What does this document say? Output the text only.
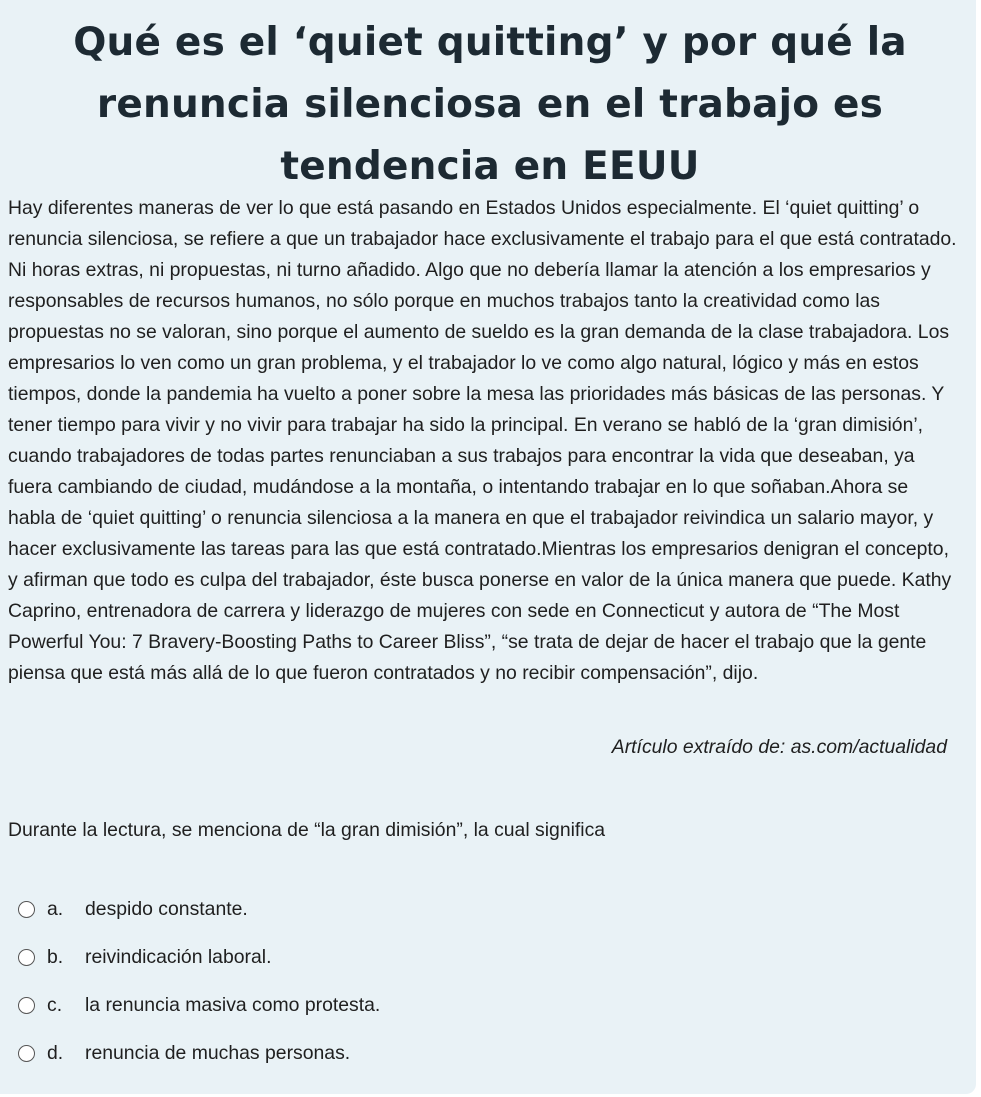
Qué es el ‘quiet quitting’ y por qué la renuncia silenciosa en el trabajo es tendencia en EEUU

Hay diferentes maneras de ver lo que está pasando en Estados Unidos especialmente. El ‘quiet quitting’ o renuncia silenciosa, se refiere a que un trabajador hace exclusivamente el trabajo para el que está contratado. Ni horas extras, ni propuestas, ni turno añadido. Algo que no debería llamar la atención a los empresarios y responsables de recursos humanos, no sólo porque en muchos trabajos tanto la creatividad como las propuestas no se valoran, sino porque el aumento de sueldo es la gran demanda de la clase trabajadora. Los empresarios lo ven como un gran problema, y el trabajador lo ve como algo natural, lógico y más en estos tiempos, donde la pandemia ha vuelto a poner sobre la mesa las prioridades más básicas de las personas. Y tener tiempo para vivir y no vivir para trabajar ha sido la principal. En verano se habló de la ‘gran dimisión’, cuando trabajadores de todas partes renunciaban a sus trabajos para encontrar la vida que deseaban, ya fuera cambiando de ciudad, mudándose a la montaña, o intentando trabajar en lo que soñaban.Ahora se habla de ‘quiet quitting’ o renuncia silenciosa a la manera en que el trabajador reivindica un salario mayor, y hacer exclusivamente las tareas para las que está contratado.Mientras los empresarios denigran el concepto, y afirman que todo es culpa del trabajador, éste busca ponerse en valor de la única manera que puede. Kathy Caprino, entrenadora de carrera y liderazgo de mujeres con sede en Connecticut y autora de “The Most Powerful You: 7 Bravery-Boosting Paths to Career Bliss”, “se trata de dejar de hacer el trabajo que la gente piensa que está más allá de lo que fueron contratados y no recibir compensación”, dijo.

Artículo extraído de: as.com/actualidad

Durante la lectura, se menciona de “la gran dimisión”, la cual significa

a.	despido constante.
b.	reivindicación laboral.
c.	la renuncia masiva como protesta.
d.	renuncia de muchas personas.
